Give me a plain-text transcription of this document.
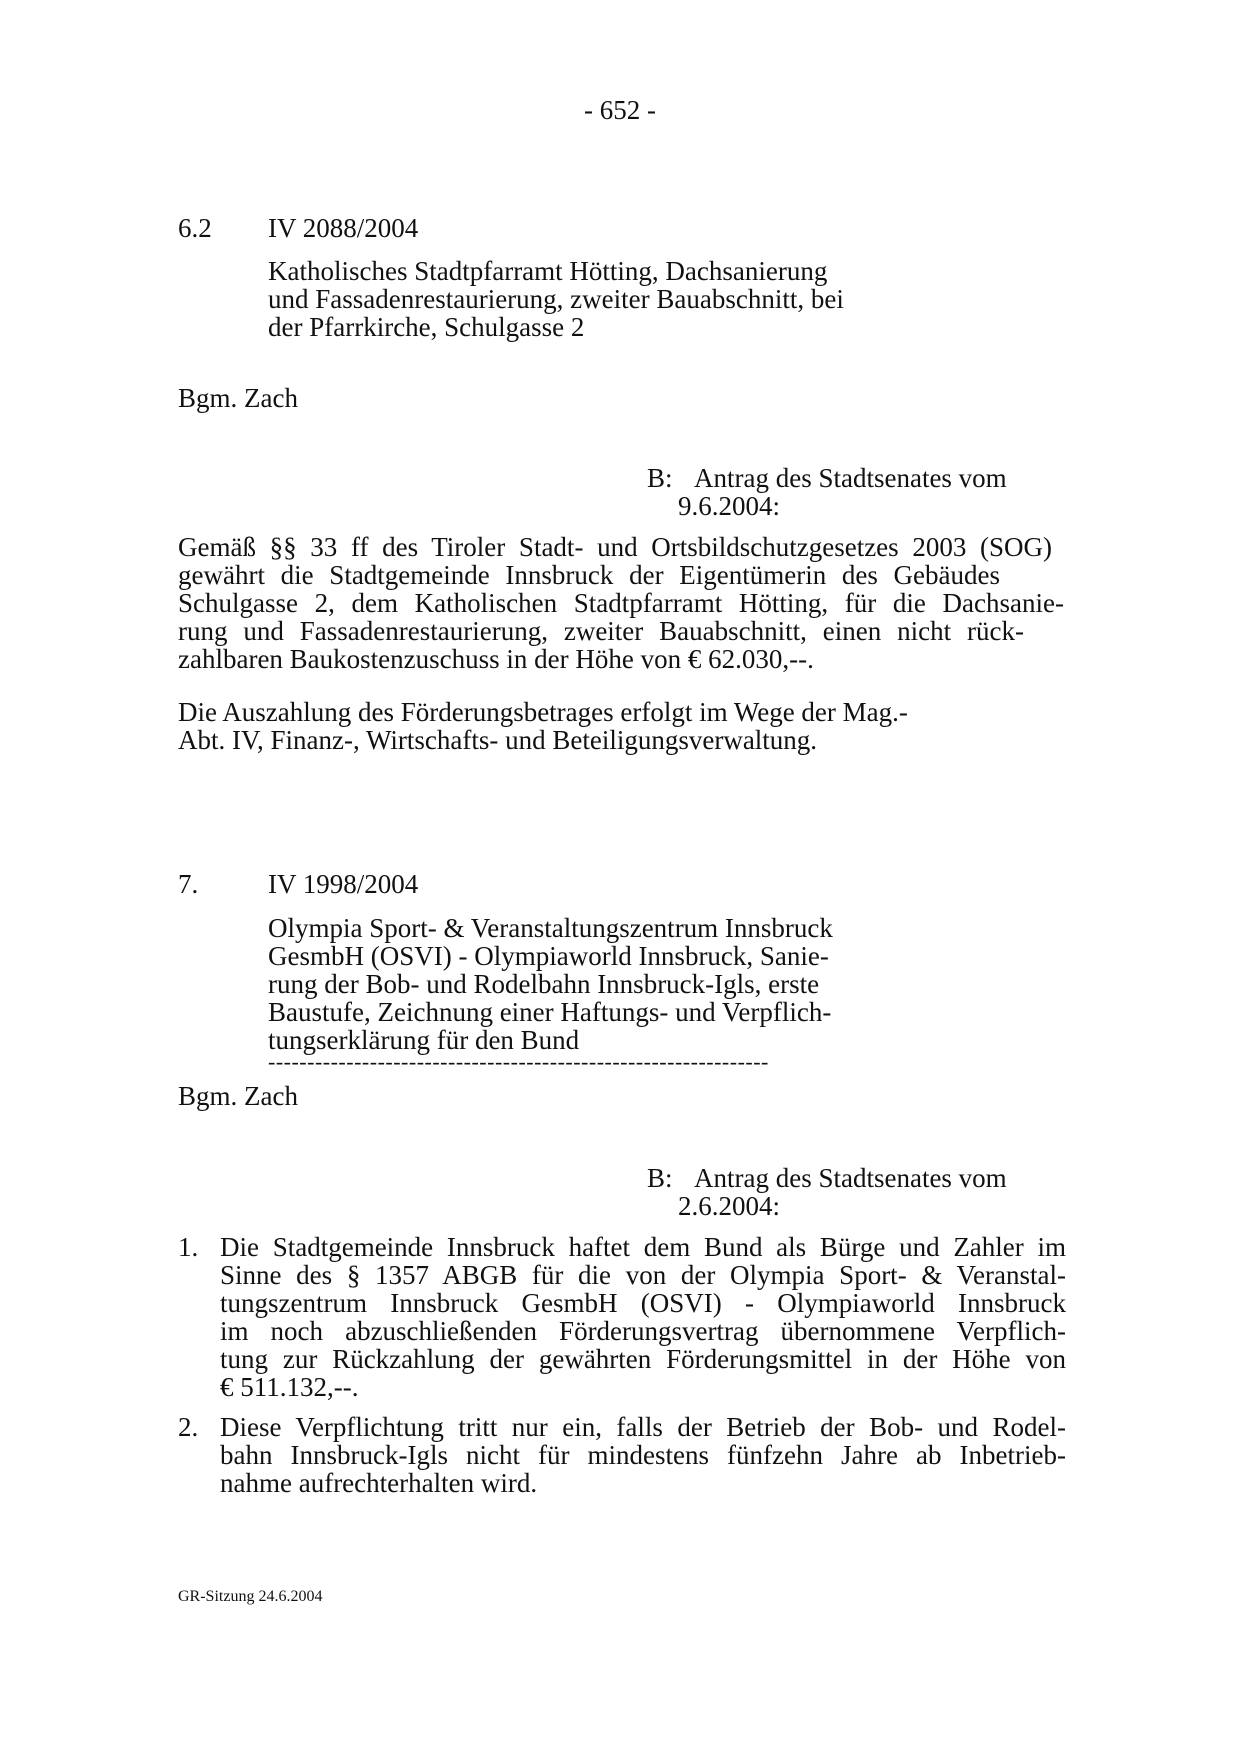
- 652 -
6.2 IV 2088/2004
Katholisches Stadtpfarramt Hötting, Dachsanierung
und Fassadenrestaurierung, zweiter Bauabschnitt, bei
der Pfarrkirche, Schulgasse 2
Bgm. Zach
B: Antrag des Stadtsenates vom
9.6.2004:
Gemäß §§ 33 ff des Tiroler Stadt- und Ortsbildschutzgesetzes 2003 (SOG)
gewährt die Stadtgemeinde Innsbruck der Eigentümerin des Gebäudes
Schulgasse 2, dem Katholischen Stadtpfarramt Hötting, für die Dachsanie-
rung und Fassadenrestaurierung, zweiter Bauabschnitt, einen nicht rück-
zahlbaren Baukostenzuschuss in der Höhe von € 62.030,--.
Die Auszahlung des Förderungsbetrages erfolgt im Wege der Mag.-
Abt. IV, Finanz-, Wirtschafts- und Beteiligungsverwaltung.
7.	IV 1998/2004
Olympia Sport- & Veranstaltungszentrum Innsbruck
GesmbH (OSVI) - Olympiaworld Innsbruck, Sanie-
rung der Bob- und Rodelbahn Innsbruck-Igls, erste
Baustufe, Zeichnung einer Haftungs- und Verpflich-
tungserklärung für den Bund
----------------------------------------------------------------
Bgm. Zach
B: Antrag des Stadtsenates vom
2.6.2004:
1. Die Stadtgemeinde Innsbruck haftet dem Bund als Bürge und Zahler im
Sinne des § 1357 ABGB für die von der Olympia Sport- & Veranstal-
tungszentrum Innsbruck GesmbH (OSVI) - Olympiaworld Innsbruck
im noch abzuschließenden Förderungsvertrag übernommene Verpflich-
tung zur Rückzahlung der gewährten Förderungsmittel in der Höhe von
€ 511.132,--.
2. Diese Verpflichtung tritt nur ein, falls der Betrieb der Bob- und Rodel-
bahn Innsbruck-Igls nicht für mindestens fünfzehn Jahre ab Inbetrieb-
nahme aufrechterhalten wird.
GR-Sitzung 24.6.2004
